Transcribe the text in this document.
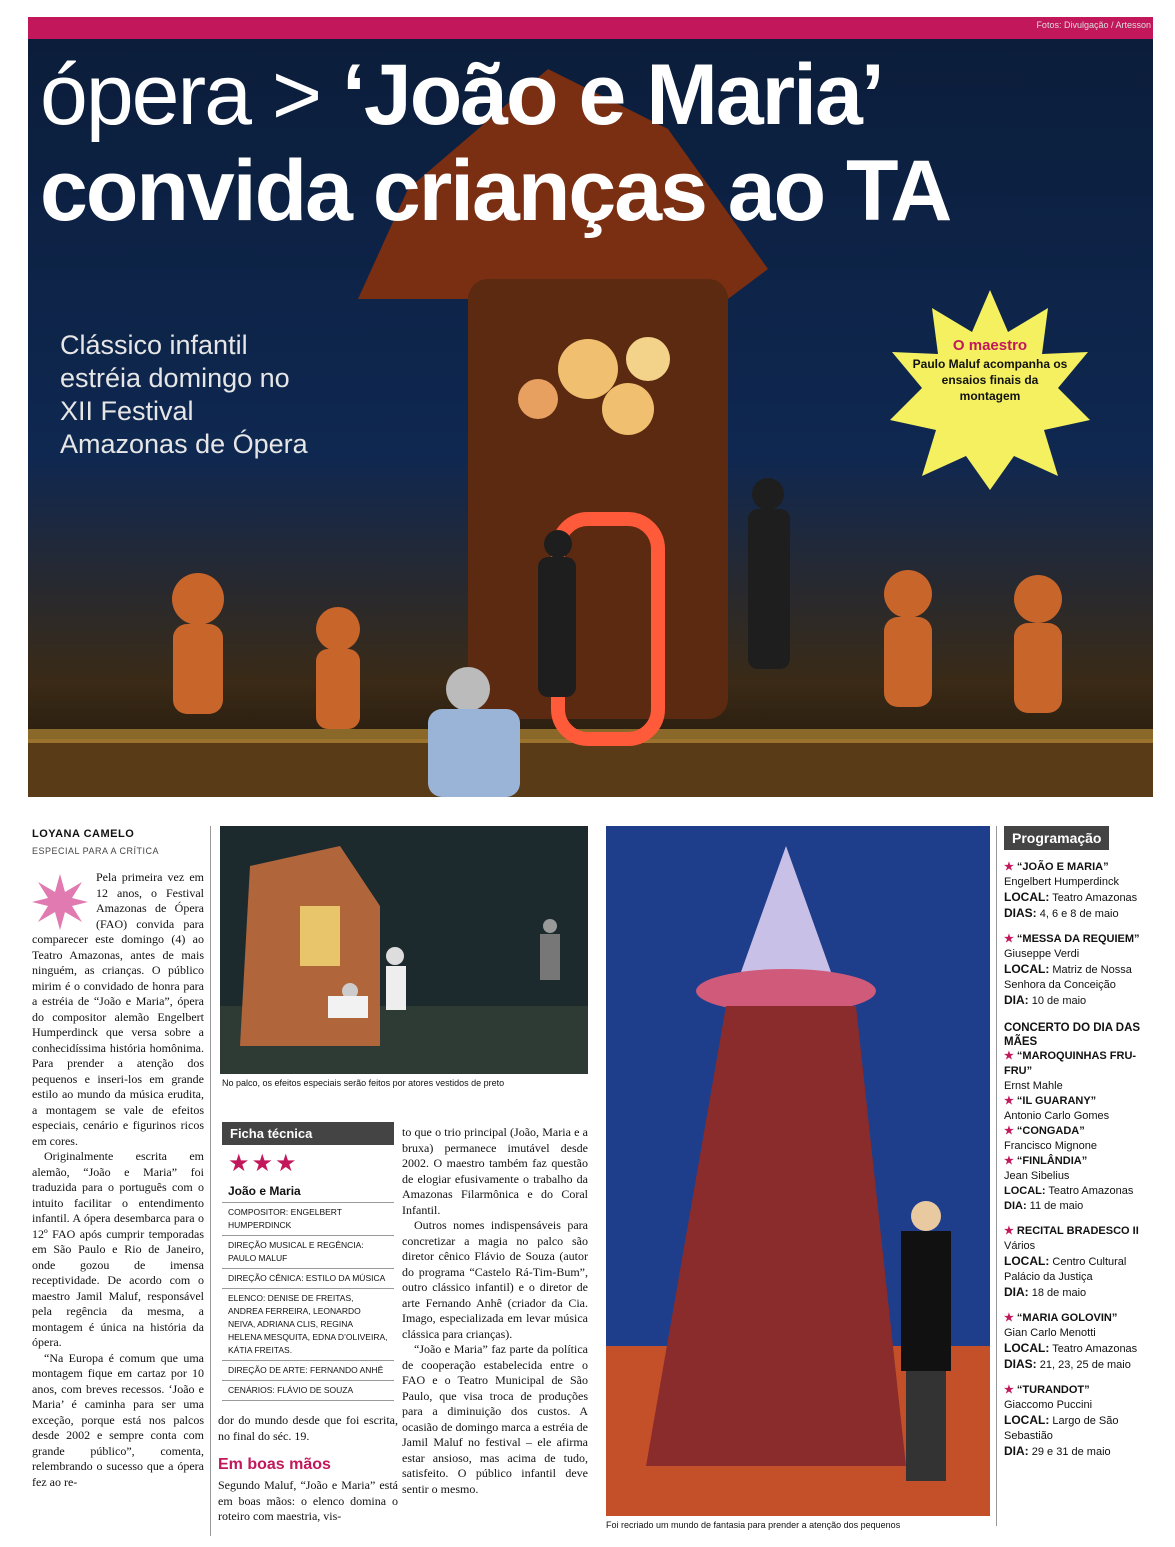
Fotos: Divulgação / Artesson
ópera > ‘João e Maria’
convida crianças ao TA

Clássico infantil estréia domingo no XII Festival Amazonas de Ópera

O maestro
Paulo Maluf acompanha os ensaios finais da montagem
LOYANA CAMELO
ESPECIAL PARA A CRÍTICA

Pela primeira vez em 12 anos, o Festival Amazonas de Ópera (FAO) convida para comparecer este domingo (4) ao Teatro Amazonas, antes de mais ninguém, as crianças. O público mirim é o convidado de honra para a estréia de “João e Maria”, ópera do compositor alemão Engelbert Humperdinck que versa sobre a conhecidíssima história homônima. Para prender a atenção dos pequenos e inseri-los em grande estilo ao mundo da música erudita, a montagem se vale de efeitos especiais, cenário e figurinos ricos em cores.

Originalmente escrita em alemão, “João e Maria” foi traduzida para o português com o intuito facilitar o entendimento infantil. A ópera desembarca para o 12º FAO após cumprir temporadas em São Paulo e Rio de Janeiro, onde gozou de imensa receptividade. De acordo com o maestro Jamil Maluf, responsável pela regência da mesma, a montagem é única na história da ópera.

“Na Europa é comum que uma montagem fique em cartaz por 10 anos, com breves recessos. ‘João e Maria’ é caminha para ser uma exceção, porque está nos palcos desde 2002 e sempre conta com grande público”, comenta, relembrando o sucesso que a ópera fez ao re-

No palco, os efeitos especiais serão feitos por atores vestidos de preto
Ficha técnica
★★★
João e Maria
COMPOSITOR: ENGELBERT HUMPERDINCK
DIREÇÃO MUSICAL E REGÊNCIA: PAULO MALUF
DIREÇÃO CÊNICA: ESTILO DA MÚSICA
ELENCO: DENISE DE FREITAS, ANDREA FERREIRA, LEONARDO NEIVA, ADRIANA CLIS, REGINA HELENA MESQUITA, EDNA D’OLIVEIRA, KÁTIA FREITAS.
DIREÇÃO DE ARTE: FERNANDO ANHÊ
CENÁRIOS: FLÁVIO DE SOUZA

to que o trio principal (João, Maria e a bruxa) permanece imutável desde 2002. O maestro também faz questão de elogiar efusivamente o trabalho da Amazonas Filarmônica e do Coral Infantil.

Outros nomes indispensáveis para concretizar a magia no palco são diretor cênico Flávio de Souza (autor do programa “Castelo Rá-Tim-Bum”, outro clássico infantil) e o diretor de arte Fernando Anhê (criador da Cia. Imago, especializada em levar música clássica para crianças).

“João e Maria” faz parte da política de cooperação estabelecida entre o FAO e o Teatro Municipal de São Paulo, que visa troca de produções para a diminuição dos custos. A ocasião de domingo marca a estréia de Jamil Maluf no festival – ele afirma estar ansioso, mas acima de tudo, satisfeito. O público infantil deve sentir o mesmo.

dor do mundo desde que foi escrita, no final do séc. 19.

Em boas mãos

Segundo Maluf, “João e Maria” está em boas mãos: o elenco domina o roteiro com maestria, vis-

Foi recriado um mundo de fantasia para prender a atenção dos pequenos
Programação
★ “JOÃO E MARIA”
Engelbert Humperdinck
LOCAL: Teatro Amazonas
DIAS: 4, 6 e 8 de maio
★ “MESSA DA REQUIEM”
Giuseppe Verdi
LOCAL: Matriz de Nossa Senhora da Conceição
DIA: 10 de maio
CONCERTO DO DIA DAS MÃES
★ “MAROQUINHAS FRU-FRU”
Ernst Mahle
★ “IL GUARANY”
Antonio Carlo Gomes
★ “CONGADA”
Francisco Mignone
★ “FINLÂNDIA”
Jean Sibelius
LOCAL: Teatro Amazonas
DIA: 11 de maio
★ RECITAL BRADESCO II
Vários
LOCAL: Centro Cultural Palácio da Justiça
DIA: 18 de maio
★ “MARIA GOLOVIN”
Gian Carlo Menotti
LOCAL: Teatro Amazonas
DIAS: 21, 23, 25 de maio
★ “TURANDOT”
Giaccomo Puccini
LOCAL: Largo de São Sebastião
DIA: 29 e 31 de maio
